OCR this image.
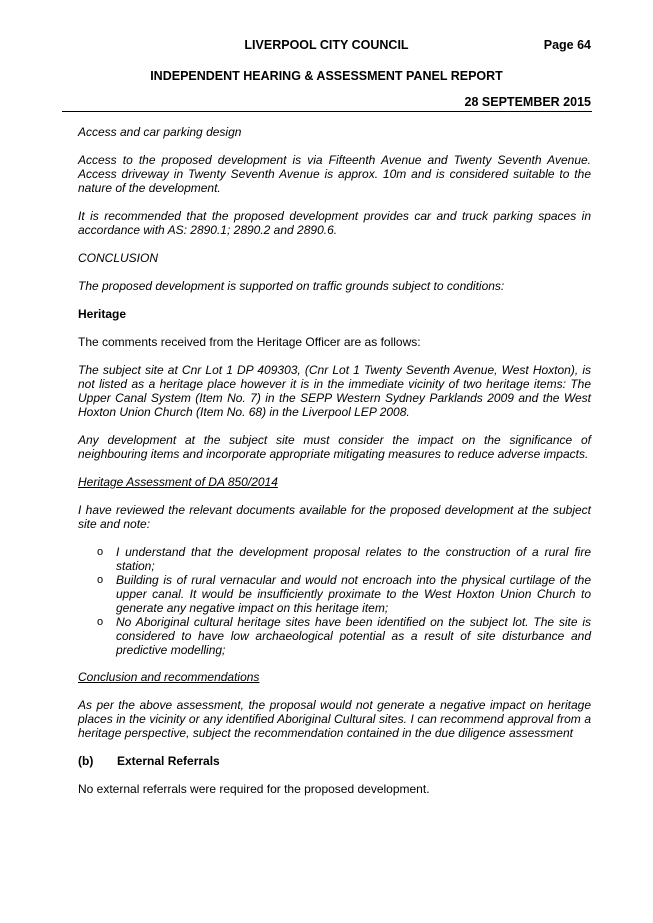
LIVERPOOL CITY COUNCIL	Page 64
INDEPENDENT HEARING & ASSESSMENT PANEL REPORT
28 SEPTEMBER 2015

Access and car parking design

Access to the proposed development is via Fifteenth Avenue and Twenty Seventh Avenue. Access driveway in Twenty Seventh Avenue is approx. 10m and is considered suitable to the nature of the development.

It is recommended that the proposed development provides car and truck parking spaces in accordance with AS: 2890.1; 2890.2 and 2890.6.

CONCLUSION

The proposed development is supported on traffic grounds subject to conditions:

Heritage

The comments received from the Heritage Officer are as follows:

The subject site at Cnr Lot 1 DP 409303, (Cnr Lot 1 Twenty Seventh Avenue, West Hoxton), is not listed as a heritage place however it is in the immediate vicinity of two heritage items: The Upper Canal System (Item No. 7) in the SEPP Western Sydney Parklands 2009 and the West Hoxton Union Church (Item No. 68) in the Liverpool LEP 2008.

Any development at the subject site must consider the impact on the significance of neighbouring items and incorporate appropriate mitigating measures to reduce adverse impacts.

Heritage Assessment of DA 850/2014

I have reviewed the relevant documents available for the proposed development at the subject site and note:

o I understand that the development proposal relates to the construction of a rural fire station;
o Building is of rural vernacular and would not encroach into the physical curtilage of the upper canal. It would be insufficiently proximate to the West Hoxton Union Church to generate any negative impact on this heritage item;
o No Aboriginal cultural heritage sites have been identified on the subject lot. The site is considered to have low archaeological potential as a result of site disturbance and predictive modelling;

Conclusion and recommendations

As per the above assessment, the proposal would not generate a negative impact on heritage places in the vicinity or any identified Aboriginal Cultural sites. I can recommend approval from a heritage perspective, subject the recommendation contained in the due diligence assessment

(b)	External Referrals

No external referrals were required for the proposed development.
